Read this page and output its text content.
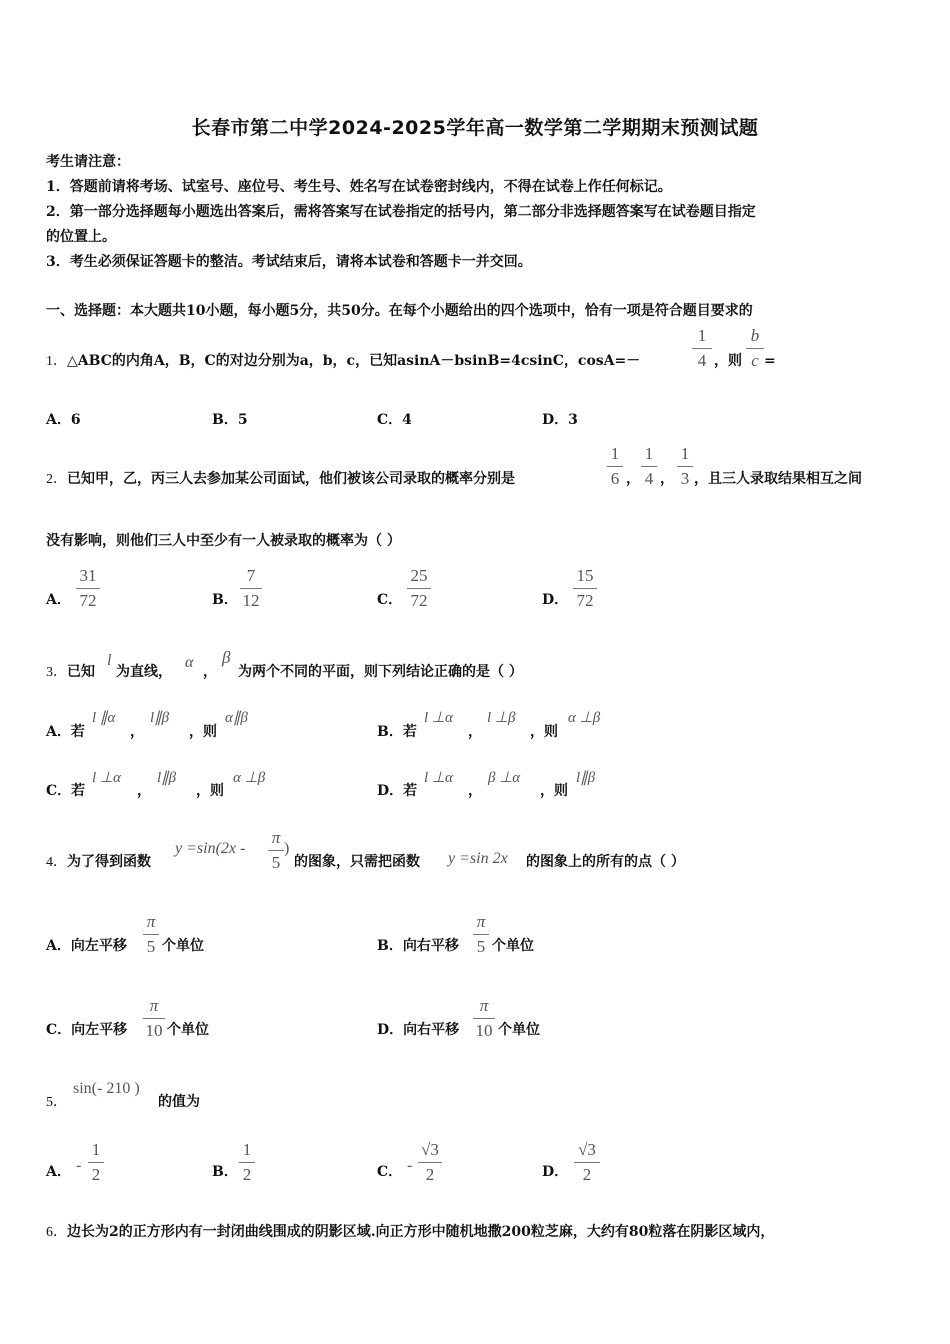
长春市第二中学2024-2025学年高一数学第二学期期末预测试题
考生请注意：
1．答题前请将考场、试室号、座位号、考生号、姓名写在试卷密封线内，不得在试卷上作任何标记。
2．第一部分选择题每小题选出答案后，需将答案写在试卷指定的括号内，第二部分非选择题答案写在试卷题目指定
的位置上。
3．考生必须保证答题卡的整洁。考试结束后，请将本试卷和答题卡一并交回。
一、选择题：本大题共10小题，每小题5分，共50分。在每个小题给出的四个选项中，恰有一项是符合题目要求的
1．△ABC的内角A，B，C的对边分别为a，b，c，已知asinA－bsinB=4csinC，cosA=－
1
4 ，则
b
c =
A．6	B．5	C．4	D．3
2．已知甲，乙，丙三人去参加某公司面试，他们被该公司录取的概率分别是
1
6 ，
1
4 ，
1
3 ，且三人录取结果相互之间
没有影响，则他们三人中至少有一人被录取的概率为（ ）
A．
31
72	B．
7
12	C．
25
72	D．
15
72
3．已知
l
为直线，
α
，
β
为两个不同的平面，则下列结论正确的是（ ）
A．若
l ∥α
，
l∥β
，则
α∥β
B．若
l ⊥α
，
l ⊥β
，则
α ⊥β
C．若
l ⊥α
，
l∥β
，则
α ⊥β
D．若
l ⊥α
，
β ⊥α
，则
l∥β
4．为了得到函数
y =sin(2x -
π
5
)
的图象，只需把函数 y =sin 2x 的图象上的所有的点（ ）
A．向左平移
π
5 个单位	B．向右平移
π
5 个单位
C．向左平移
π
10 个单位	D．向右平移
π
10 个单位
5．
sin(- 210 )
的值为
A． -
1
2	B．
1
2	C． -
√3
2	D．
√3
2
6．边长为2的正方形内有一封闭曲线围成的阴影区域.向正方形中随机地撒200粒芝麻，大约有80粒落在阴影区域内，
